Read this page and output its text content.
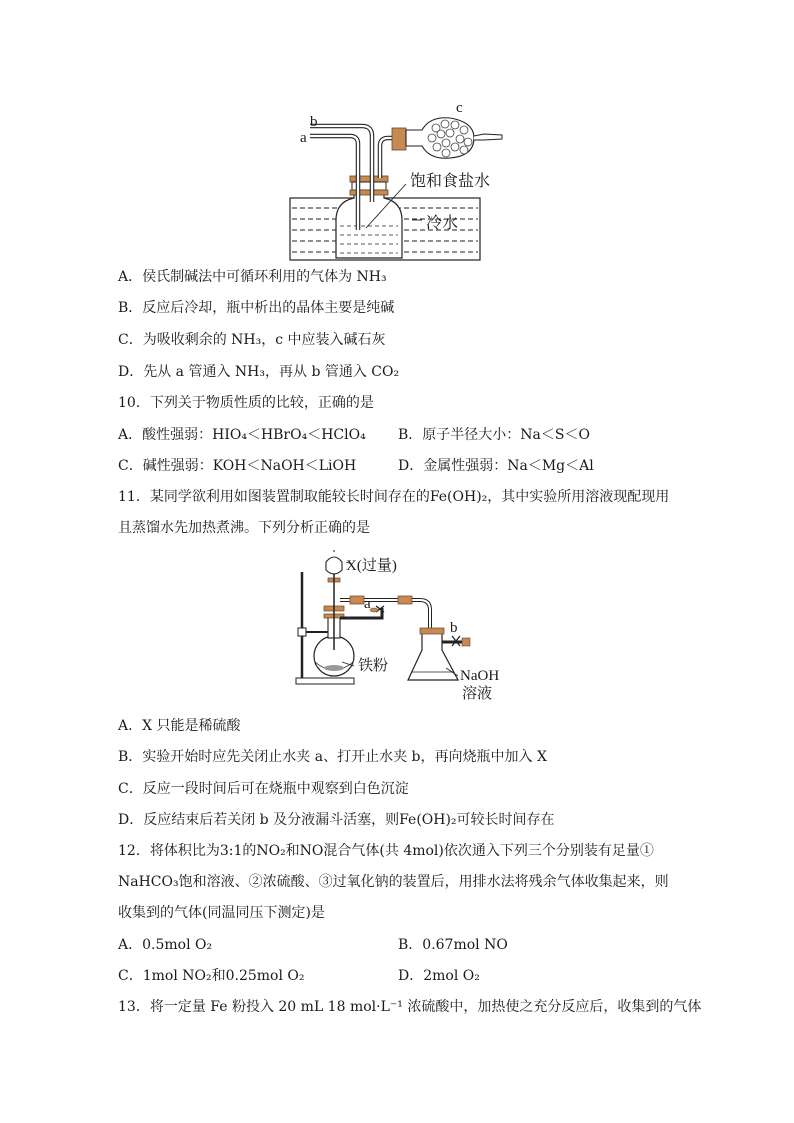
a
b
c
饱和食盐水
冷水
A．侯氏制碱法中可循环利用的气体为 NH₃
B．反应后冷却，瓶中析出的晶体主要是纯碱
C．为吸收剩余的 NH₃，c 中应装入碱石灰
D．先从 a 管通入 NH₃，再从 b 管通入 CO₂
10．下列关于物质性质的比较，正确的是
A．酸性强弱：HIO₄＜HBrO₄＜HClO₄ B．原子半径大小：Na＜S＜O
C．碱性强弱：KOH＜NaOH＜LiOH	D．金属性强弱：Na＜Mg＜Al
11．某同学欲利用如图装置制取能较长时间存在的Fe(OH)₂，其中实验所用溶液现配现用
且蒸馏水先加热煮沸。下列分析正确的是
X(过量)
a
b
铁粉
NaOH
溶液
A．X 只能是稀硫酸
B．实验开始时应先关闭止水夹 a、打开止水夹 b，再向烧瓶中加入 X
C．反应一段时间后可在烧瓶中观察到白色沉淀
D．反应结束后若关闭 b 及分液漏斗活塞，则Fe(OH)₂可较长时间存在
12．将体积比为3:1的NO₂和NO混合气体(共 4mol)依次通入下列三个分别装有足量①
NaHCO₃饱和溶液、②浓硫酸、③过氧化钠的装置后，用排水法将残余气体收集起来，则
收集到的气体(同温同压下测定)是
A．0.5mol O₂	B．0.67mol NO
C．1mol NO₂和0.25mol O₂	D．2mol O₂
13．将一定量 Fe 粉投入 20 mL 18 mol·L⁻¹ 浓硫酸中，加热使之充分反应后，收集到的气体
